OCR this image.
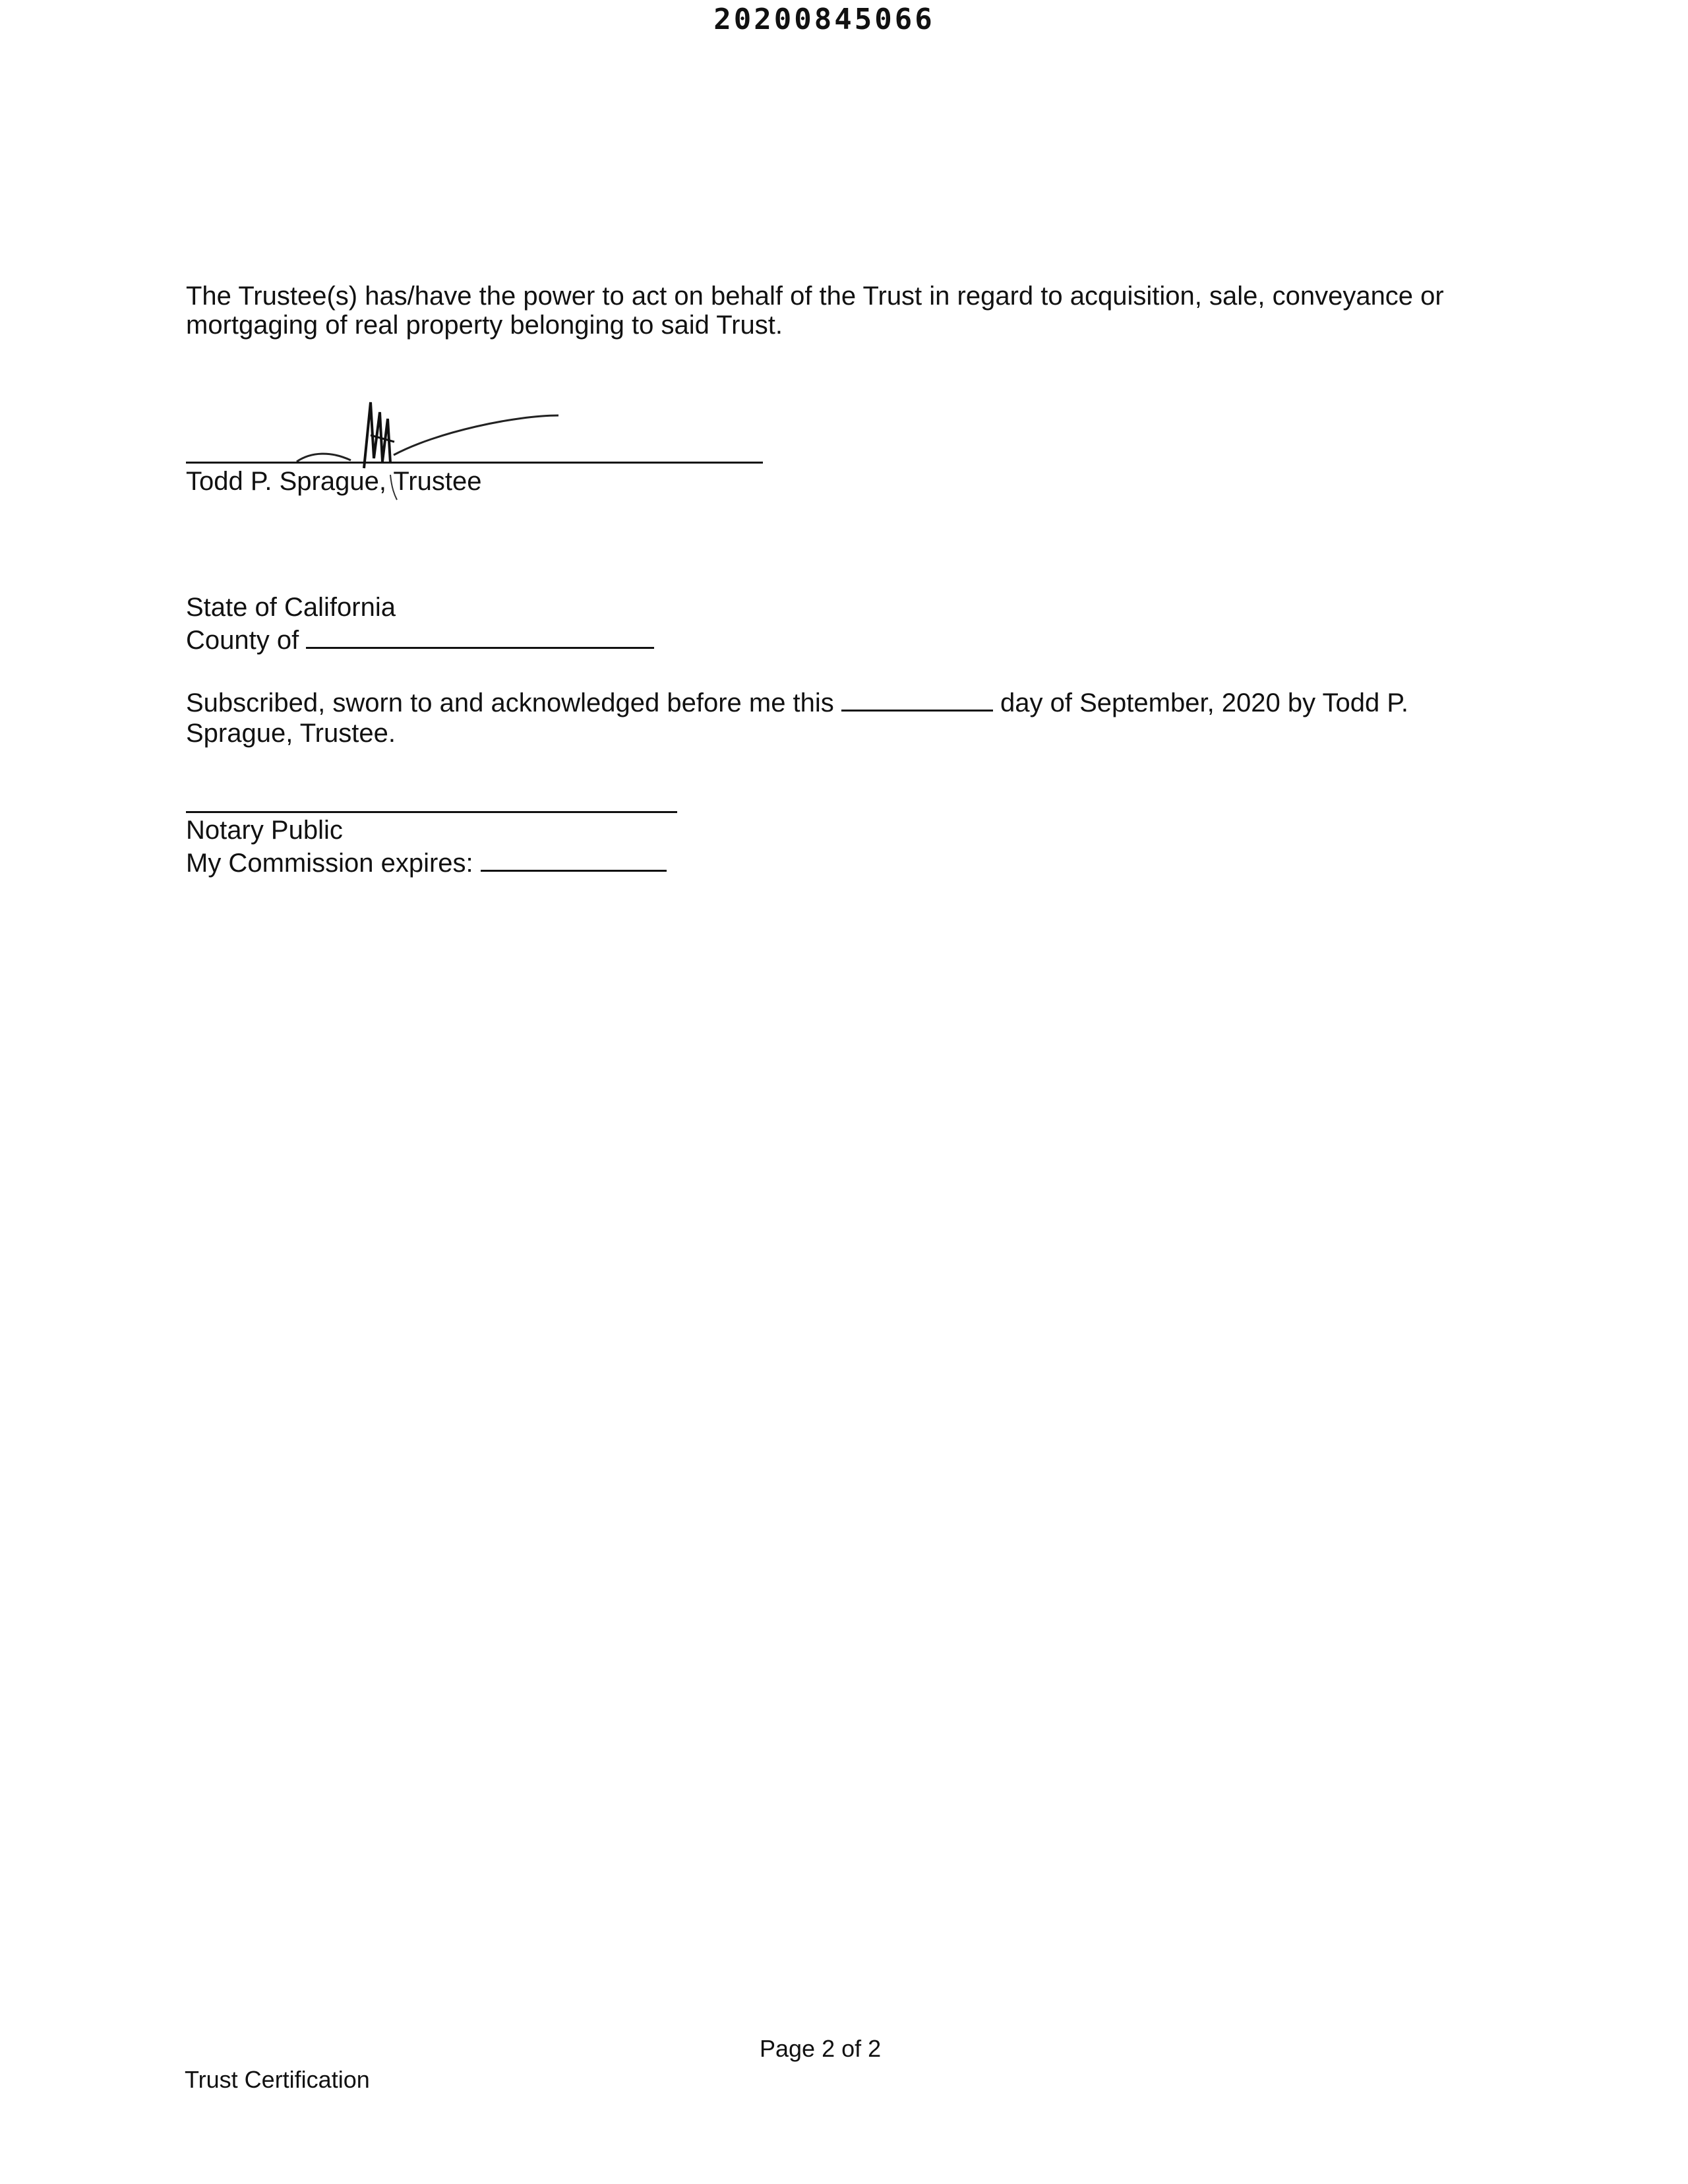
20200845066

The Trustee(s) has/have the power to act on behalf of the Trust in regard to acquisition, sale, conveyance or mortgaging of real property belonging to said Trust.

Todd P. Sprague, Trustee
State of California
County of

Subscribed, sworn to and acknowledged before me this	day of September, 2020 by Todd P. Sprague, Trustee.

Notary Public
My Commission expires:
Page 2 of 2
Trust Certification
